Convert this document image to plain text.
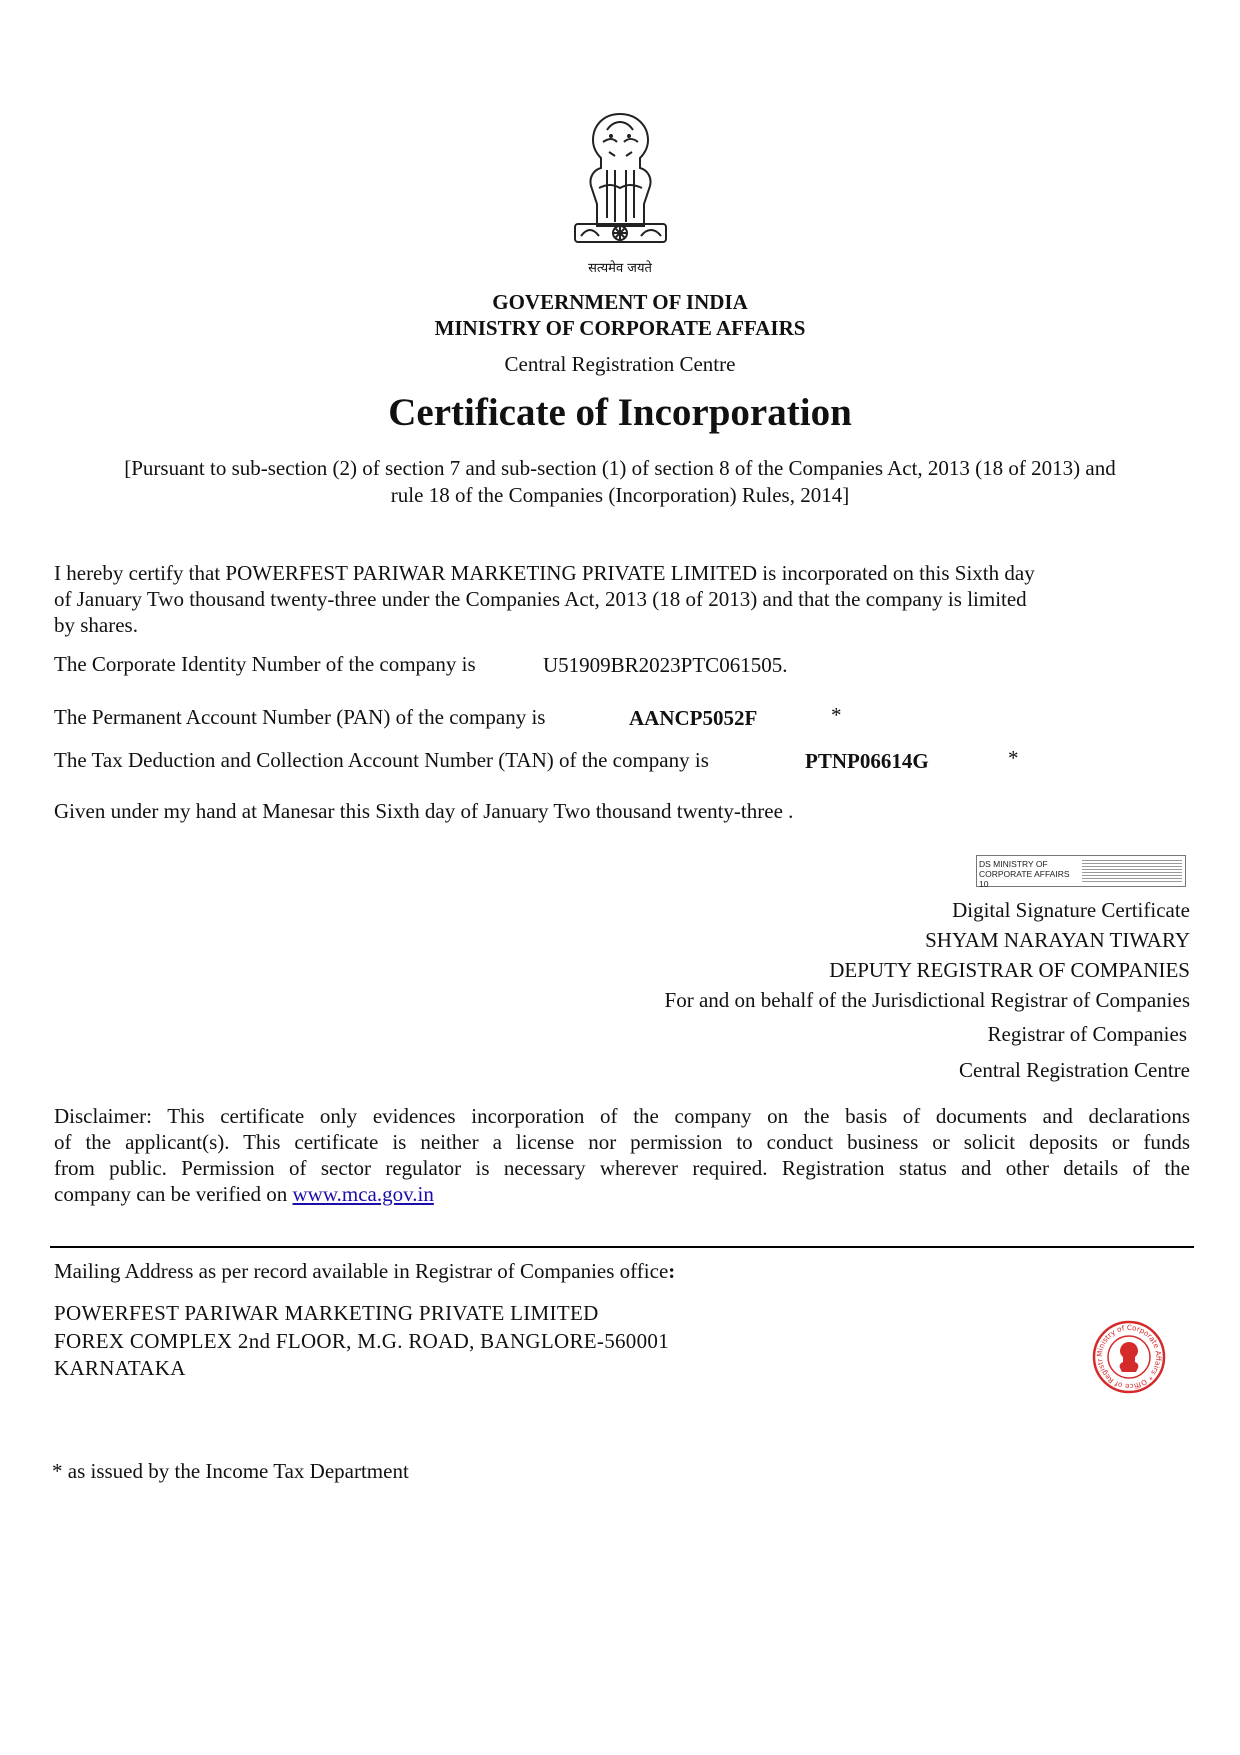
सत्यमेव जयते
GOVERNMENT OF INDIA
MINISTRY OF CORPORATE AFFAIRS
Central Registration Centre
Certificate of Incorporation
[Pursuant to sub-section (2) of section 7 and sub-section (1) of section 8 of the Companies Act, 2013 (18 of 2013) and
rule 18 of the Companies (Incorporation) Rules, 2014]
I hereby certify that POWERFEST PARIWAR MARKETING PRIVATE LIMITED is incorporated on this Sixth day
of January Two thousand twenty-three under the Companies Act, 2013 (18 of 2013) and that the company is limited
by shares.
The Corporate Identity Number of the company is	U51909BR2023PTC061505.
The Permanent Account Number (PAN) of the company is	AANCP5052F	*
The Tax Deduction and Collection Account Number (TAN) of the company is	PTNP06614G	*
Given under my hand at Manesar this Sixth day of January Two thousand twenty-three .
DS MINISTRY OF
CORPORATE AFFAIRS 10
Digital Signature Certificate
SHYAM NARAYAN TIWARY
DEPUTY REGISTRAR OF COMPANIES
For and on behalf of the Jurisdictional Registrar of Companies
Registrar of Companies
Central Registration Centre
Disclaimer: This certificate only evidences incorporation of the company on the basis of documents and declarations
of the applicant(s). This certificate is neither a license nor permission to conduct business or solicit deposits or funds
from public. Permission of sector regulator is necessary wherever required. Registration status and other details of the
company can be verified on www.mca.gov.in
Mailing Address as per record available in Registrar of Companies office:
POWERFEST PARIWAR MARKETING PRIVATE LIMITED
FOREX COMPLEX 2nd FLOOR, M.G. ROAD, BANGLORE-560001
KARNATAKA
Ministry of Corporate Affairs * Office of Registr
* as issued by the Income Tax Department
